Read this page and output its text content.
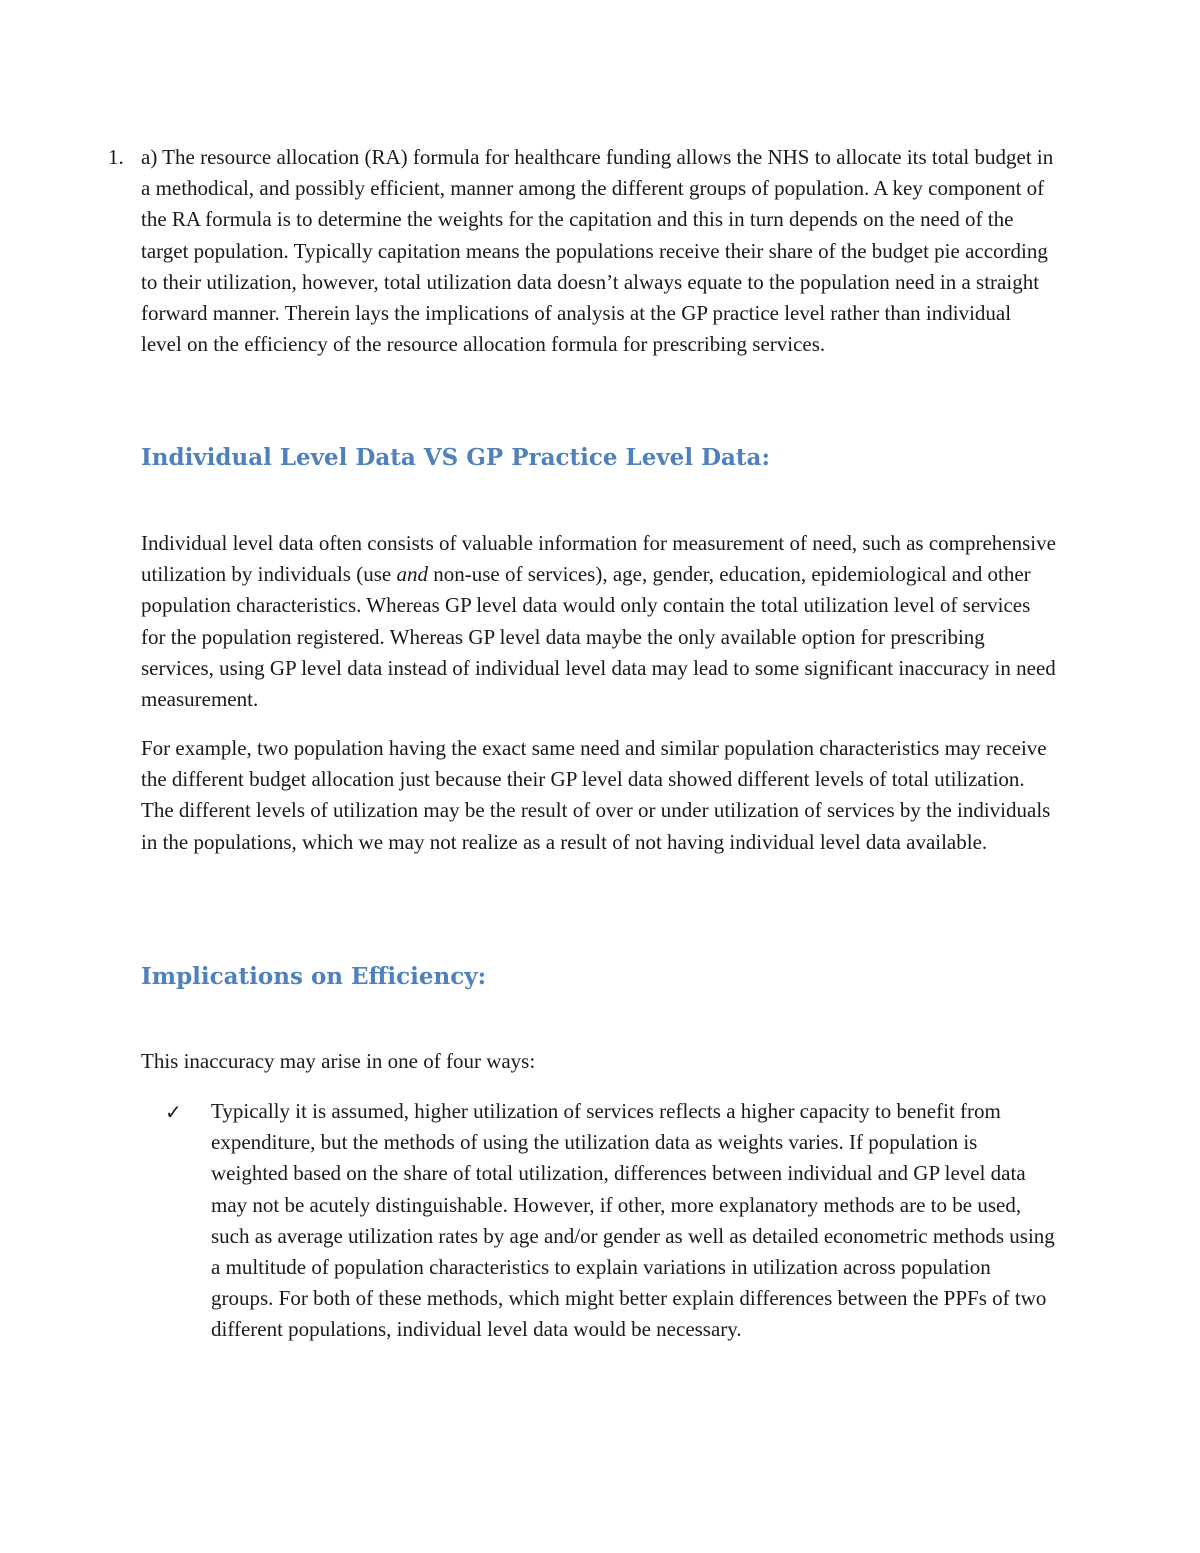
1. a) The resource allocation (RA) formula for healthcare funding allows the NHS to allocate its total budget in a methodical, and possibly efficient, manner among the different groups of population. A key component of the RA formula is to determine the weights for the capitation and this in turn depends on the need of the target population. Typically capitation means the populations receive their share of the budget pie according to their utilization, however, total utilization data doesn’t always equate to the population need in a straight forward manner. Therein lays the implications of analysis at the GP practice level rather than individual level on the efficiency of the resource allocation formula for prescribing services.

Individual Level Data VS GP Practice Level Data:

Individual level data often consists of valuable information for measurement of need, such as comprehensive utilization by individuals (use and non-use of services), age, gender, education, epidemiological and other population characteristics. Whereas GP level data would only contain the total utilization level of services for the population registered. Whereas GP level data maybe the only available option for prescribing services, using GP level data instead of individual level data may lead to some significant inaccuracy in need measurement.

For example, two population having the exact same need and similar population characteristics may receive the different budget allocation just because their GP level data showed different levels of total utilization. The different levels of utilization may be the result of over or under utilization of services by the individuals in the populations, which we may not realize as a result of not having individual level data available.

Implications on Efficiency:

This inaccuracy may arise in one of four ways:

✓ Typically it is assumed, higher utilization of services reflects a higher capacity to benefit from expenditure, but the methods of using the utilization data as weights varies. If population is weighted based on the share of total utilization, differences between individual and GP level data may not be acutely distinguishable. However, if other, more explanatory methods are to be used, such as average utilization rates by age and/or gender as well as detailed econometric methods using a multitude of population characteristics to explain variations in utilization across population groups. For both of these methods, which might better explain differences between the PPFs of two different populations, individual level data would be necessary.
